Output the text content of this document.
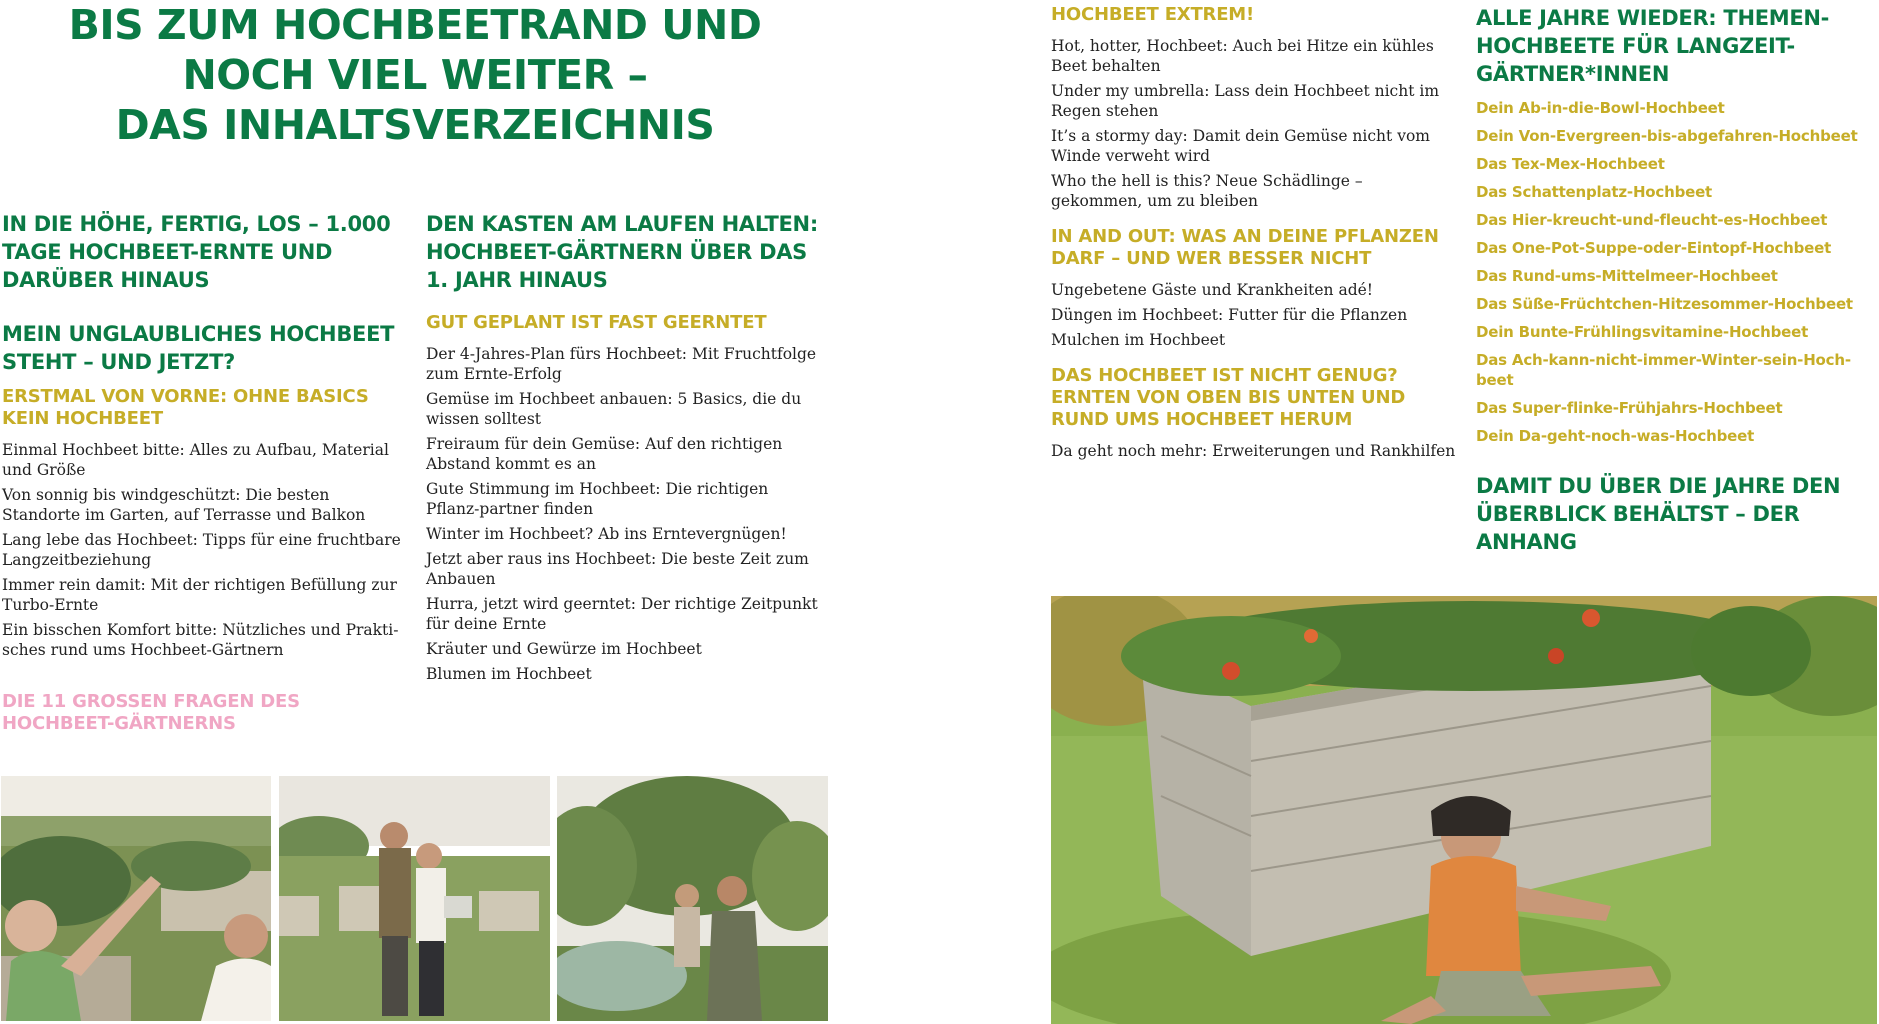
BIS ZUM HOCHBEETRAND UND
NOCH VIEL WEITER –
DAS INHALTSVERZEICHNIS
IN DIE HÖHE, FERTIG, LOS – 1.000 TAGE HOCHBEET-ERNTE UND DARÜBER HINAUS
MEIN UNGLAUBLICHES HOCHBEET STEHT – UND JETZT?
ERSTMAL VON VORNE: OHNE BASICS KEIN HOCHBEET
Einmal Hochbeet bitte: Alles zu Aufbau, Material und Größe
Von sonnig bis windgeschützt: Die besten Standorte im Garten, auf Terrasse und Balkon
Lang lebe das Hochbeet: Tipps für eine fruchtbare Langzeitbeziehung
Immer rein damit: Mit der richtigen Befüllung zur Turbo-Ernte
Ein bisschen Komfort bitte: Nützliches und Prakti-sches rund ums Hochbeet-Gärtnern
DIE 11 GROSSEN FRAGEN DES HOCHBEET-GÄRTNERNS
DEN KASTEN AM LAUFEN HALTEN: HOCHBEET-GÄRTNERN ÜBER DAS 1. JAHR HINAUS
GUT GEPLANT IST FAST GEERNTET
Der 4-Jahres-Plan fürs Hochbeet: Mit Fruchtfolge zum Ernte-Erfolg
Gemüse im Hochbeet anbauen: 5 Basics, die du wissen solltest
Freiraum für dein Gemüse: Auf den richtigen Abstand kommt es an
Gute Stimmung im Hochbeet: Die richtigen Pflanz-partner finden
Winter im Hochbeet? Ab ins Erntevergnügen!
Jetzt aber raus ins Hochbeet: Die beste Zeit zum Anbauen
Hurra, jetzt wird geerntet: Der richtige Zeitpunkt für deine Ernte
Kräuter und Gewürze im Hochbeet
Blumen im Hochbeet
HOCHBEET EXTREM!
Hot, hotter, Hochbeet: Auch bei Hitze ein kühles Beet behalten
Under my umbrella: Lass dein Hochbeet nicht im Regen stehen
It’s a stormy day: Damit dein Gemüse nicht vom Winde verweht wird
Who the hell is this? Neue Schädlinge – gekommen, um zu bleiben
IN AND OUT: WAS AN DEINE PFLANZEN DARF – UND WER BESSER NICHT
Ungebetene Gäste und Krankheiten adé!
Düngen im Hochbeet: Futter für die Pflanzen
Mulchen im Hochbeet
DAS HOCHBEET IST NICHT GENUG? ERNTEN VON OBEN BIS UNTEN UND RUND UMS HOCHBEET HERUM
Da geht noch mehr: Erweiterungen und Rankhilfen
ALLE JAHRE WIEDER: THEMEN-HOCHBEETE FÜR LANGZEIT-GÄRTNER*INNEN
Dein Ab-in-die-Bowl-Hochbeet
Dein Von-Evergreen-bis-abgefahren-Hochbeet
Das Tex-Mex-Hochbeet
Das Schattenplatz-Hochbeet
Das Hier-kreucht-und-fleucht-es-Hochbeet
Das One-Pot-Suppe-oder-Eintopf-Hochbeet
Das Rund-ums-Mittelmeer-Hochbeet
Das Süße-Früchtchen-Hitzesommer-Hochbeet
Dein Bunte-Frühlingsvitamine-Hochbeet
Das Ach-kann-nicht-immer-Winter-sein-Hoch-beet
Das Super-flinke-Frühjahrs-Hochbeet
Dein Da-geht-noch-was-Hochbeet
DAMIT DU ÜBER DIE JAHRE DEN ÜBERBLICK BEHÄLTST – DER ANHANG
